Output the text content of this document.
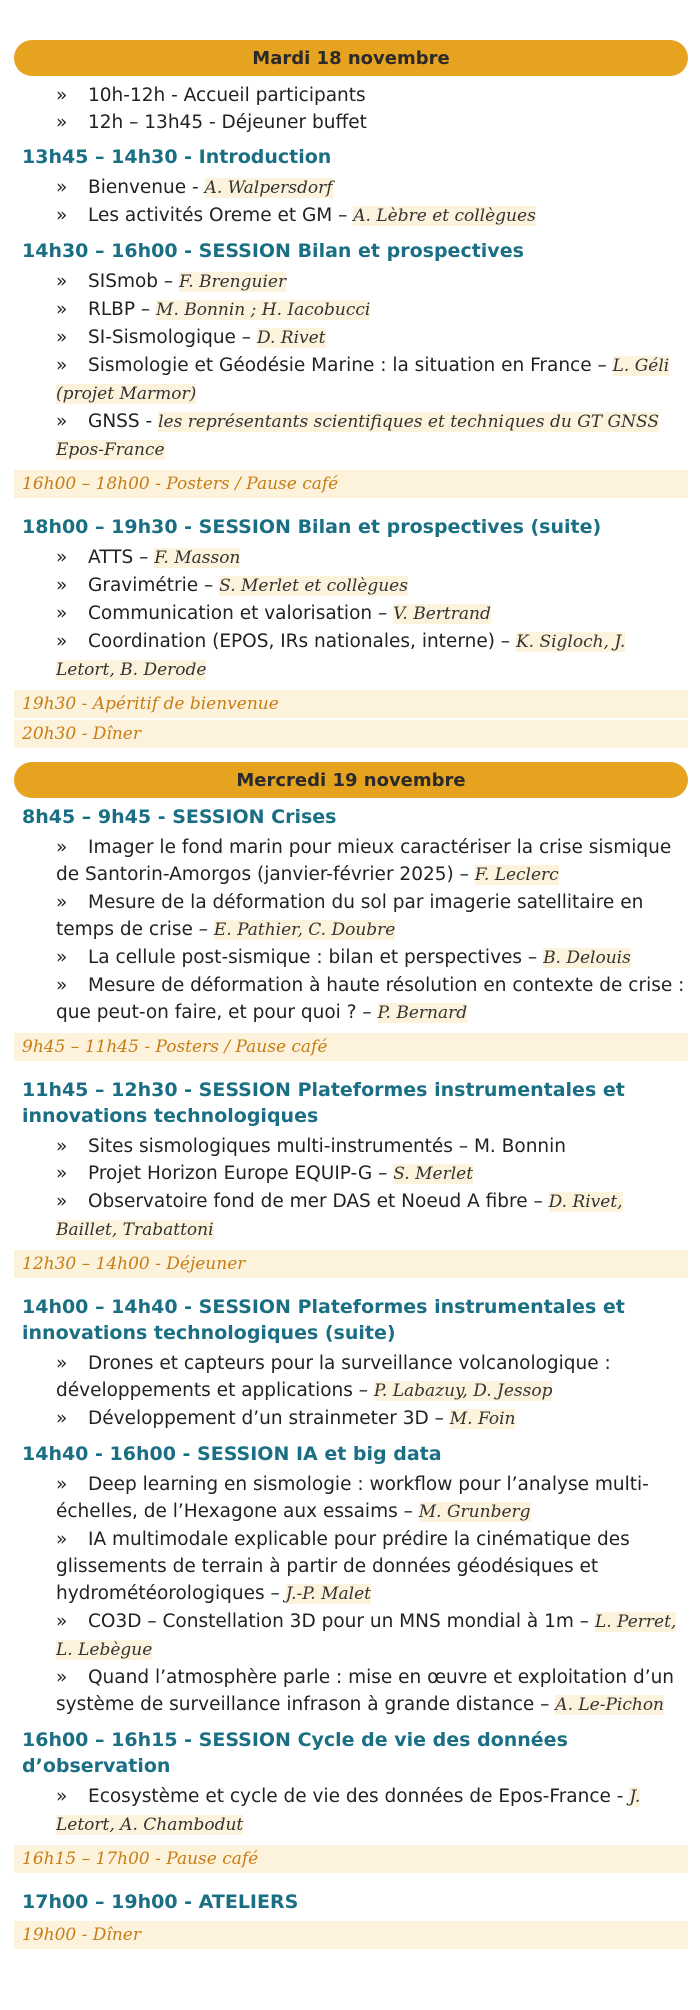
Mardi 18 novembre
» 10h-12h - Accueil participants
» 12h – 13h45 - Déjeuner buffet
13h45 – 14h30 - Introduction
» Bienvenue - A. Walpersdorf
» Les activités Oreme et GM – A. Lèbre et collègues
14h30 – 16h00 - SESSION Bilan et prospectives
» SISmob – F. Brenguier
» RLBP – M. Bonnin ; H. Iacobucci
» SI-Sismologique – D. Rivet
» Sismologie et Géodésie Marine : la situation en France – L. Géli (projet Marmor)
» GNSS - les représentants scientifiques et techniques du GT GNSS Epos-France
16h00 – 18h00 - Posters / Pause café
18h00 – 19h30 - SESSION Bilan et prospectives (suite)
» ATTS – F. Masson
» Gravimétrie – S. Merlet et collègues
» Communication et valorisation – V. Bertrand
» Coordination (EPOS, IRs nationales, interne) – K. Sigloch, J. Letort, B. Derode
19h30 - Apéritif de bienvenue
20h30 - Dîner
Mercredi 19 novembre
8h45 – 9h45 - SESSION Crises
» Imager le fond marin pour mieux caractériser la crise sismique de Santorin-Amorgos (janvier-février 2025) – F. Leclerc
» Mesure de la déformation du sol par imagerie satellitaire en temps de crise – E. Pathier, C. Doubre
» La cellule post-sismique : bilan et perspectives – B. Delouis
» Mesure de déformation à haute résolution en contexte de crise : que peut-on faire, et pour quoi ? – P. Bernard
9h45 – 11h45 - Posters / Pause café
11h45 – 12h30 - SESSION Plateformes instrumentales et innovations technologiques
» Sites sismologiques multi-instrumentés – M. Bonnin
» Projet Horizon Europe EQUIP-G – S. Merlet
» Observatoire fond de mer DAS et Noeud A fibre – D. Rivet, Baillet, Trabattoni
12h30 – 14h00 - Déjeuner
14h00 – 14h40 - SESSION Plateformes instrumentales et innovations technologiques (suite)
» Drones et capteurs pour la surveillance volcanologique : développements et applications – P. Labazuy, D. Jessop
» Développement d’un strainmeter 3D – M. Foin
14h40 - 16h00 - SESSION IA et big data
» Deep learning en sismologie : workflow pour l’analyse multi-échelles, de l’Hexagone aux essaims – M. Grunberg
» IA multimodale explicable pour prédire la cinématique des glissements de terrain à partir de données géodésiques et hydrométéorologiques – J.-P. Malet
» CO3D – Constellation 3D pour un MNS mondial à 1m – L. Perret, L. Lebègue
» Quand l’atmosphère parle : mise en œuvre et exploitation d’un système de surveillance infrason à grande distance – A. Le-Pichon
16h00 – 16h15 - SESSION Cycle de vie des données d’observation
» Ecosystème et cycle de vie des données de Epos-France - J. Letort, A. Chambodut
16h15 – 17h00 - Pause café
17h00 – 19h00 - ATELIERS
19h00 - Dîner
